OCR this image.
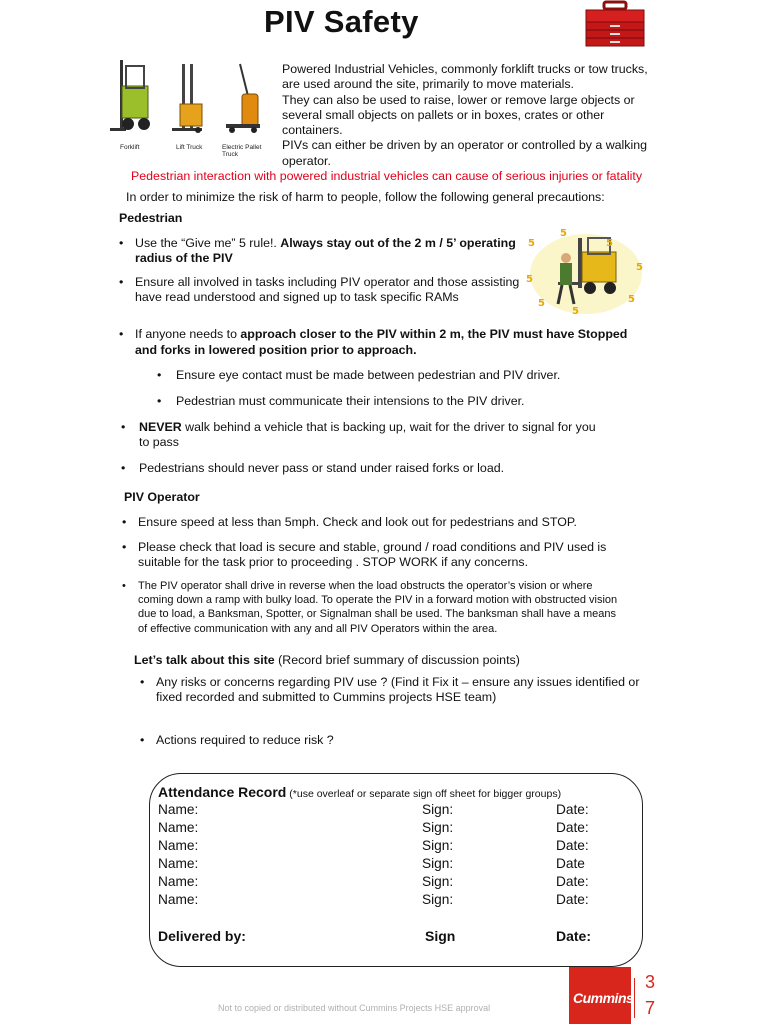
PIV Safety
Forklift	Lift Truck	Electric Pallet Truck
Powered Industrial Vehicles, commonly forklift trucks or tow trucks, are used around the site, primarily to move materials.
They can also be used to raise, lower or remove large objects or several small objects on pallets or in boxes, crates or other containers.
PIVs can either be driven by an operator or controlled by a walking operator.
Pedestrian interaction with powered industrial vehicles can cause of serious injuries or fatality
In order to minimize the risk of harm to people, follow the following general precautions:
Pedestrian
• Use the “Give me” 5 rule!. Always stay out of the 2 m / 5’ operating
radius of the PIV
• Ensure all involved in tasks including PIV operator and those assisting
have read understood and signed up to task specific RAMs
5
5
5
5
5
5
5
5
• If anyone needs to approach closer to the PIV within 2 m, the PIV must have Stopped
and forks in lowered position prior to approach.
• Ensure eye contact must be made between pedestrian and PIV driver.
• Pedestrian must communicate their intensions to the PIV driver.
• NEVER walk behind a vehicle that is backing up, wait for the driver to signal for you
to pass
• Pedestrians should never pass or stand under raised forks or load.
PIV Operator
• Ensure speed at less than 5mph. Check and look out for pedestrians and STOP.
• Please check that load is secure and stable, ground / road conditions and PIV used is
suitable for the task prior to proceeding . STOP WORK if any concerns.
• The PIV operator shall drive in reverse when the load obstructs the operator’s vision or where
coming down a ramp with bulky load. To operate the PIV in a forward motion with obstructed vision
due to load, a Banksman, Spotter, or Signalman shall be used. The banksman shall have a means
of effective communication with any and all PIV Operators within the area.
Let’s talk about this site (Record brief summary of discussion points)
• Any risks or concerns regarding PIV use ? (Find it Fix it – ensure any issues identified or
fixed recorded and submitted to Cummins projects HSE team)
• Actions required to reduce risk ?
Attendance Record (*use overleaf or separate sign off sheet for bigger groups)
Name:	Sign:	Date:
Name:	Sign:	Date:
Name:	Sign:	Date:
Name:	Sign:	Date
Name:	Sign:	Date:
Name:	Sign:	Date:
Delivered by:	Sign	Date:
Not to copied or distributed without Cummins Projects HSE approval
Cummins
3
7
